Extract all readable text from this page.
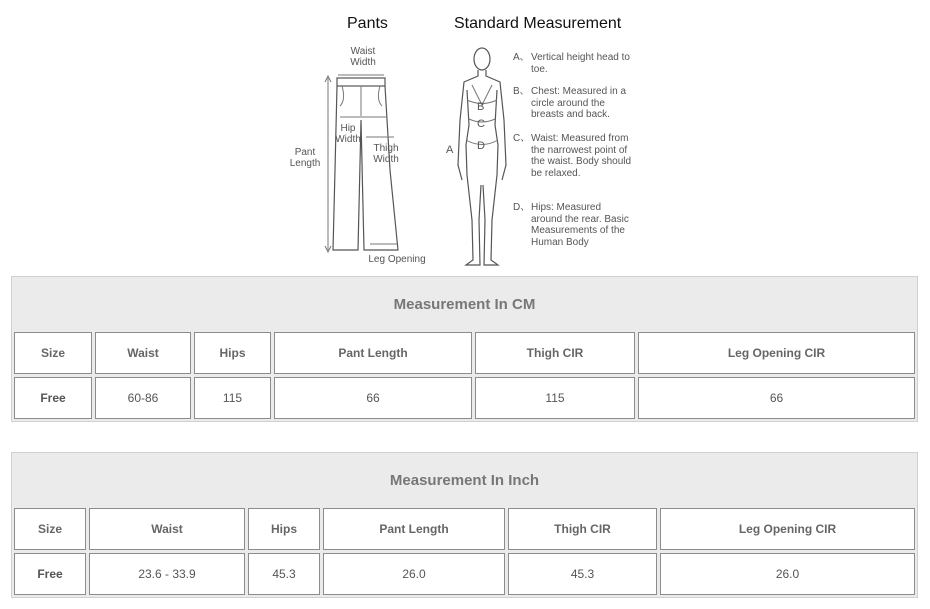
Pants	Standard Measurement
Waist Width
Hip Width
Pant Length
Thigh Width
Leg Opening
B
C
D
A
A、 Vertical height head to toe.
B、 Chest: Measured in a circle around the breasts and back.
C、 Waist: Measured from the narrowest point of the waist. Body should be relaxed.
D、 Hips: Measured around the rear. Basic Measurements of the Human Body
Measurement In CM
Size	Waist	Hips	Pant Length	Thigh CIR	Leg Opening CIR
Free	60-86	115	66	115	66
Measurement In Inch
Size	Waist	Hips	Pant Length	Thigh CIR	Leg Opening CIR
Free	23.6 - 33.9	45.3	26.0	45.3	26.0
